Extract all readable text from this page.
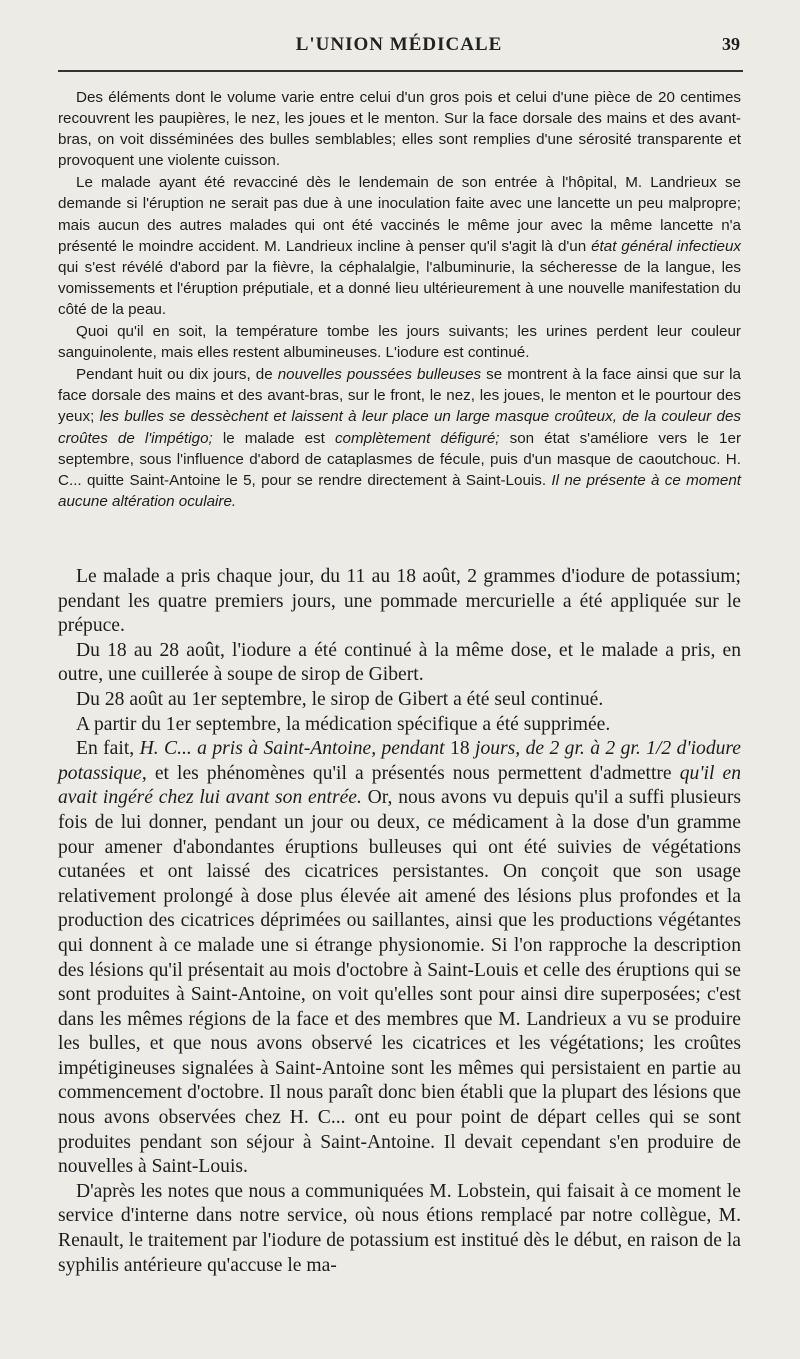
L'UNION MÉDICALE	39

Des éléments dont le volume varie entre celui d'un gros pois et celui d'une pièce de 20 centimes recouvrent les paupières, le nez, les joues et le menton. Sur la face dorsale des mains et des avant-bras, on voit disséminées des bulles semblables; elles sont remplies d'une sérosité transparente et provoquent une violente cuisson.

Le malade ayant été revacciné dès le lendemain de son entrée à l'hôpital, M. Landrieux se demande si l'éruption ne serait pas due à une inoculation faite avec une lancette un peu malpropre; mais aucun des autres malades qui ont été vaccinés le même jour avec la même lancette n'a présenté le moindre accident. M. Landrieux incline à penser qu'il s'agit là d'un état général infectieux qui s'est révélé d'abord par la fièvre, la céphalalgie, l'albuminurie, la sécheresse de la langue, les vomissements et l'éruption préputiale, et a donné lieu ultérieurement à une nouvelle manifestation du côté de la peau.

Quoi qu'il en soit, la température tombe les jours suivants; les urines perdent leur couleur sanguinolente, mais elles restent albumineuses. L'iodure est continué.

Pendant huit ou dix jours, de nouvelles poussées bulleuses se montrent à la face ainsi que sur la face dorsale des mains et des avant-bras, sur le front, le nez, les joues, le menton et le pourtour des yeux; les bulles se dessèchent et laissent à leur place un large masque croûteux, de la couleur des croûtes de l'impétigo; le malade est complètement défiguré; son état s'améliore vers le 1er septembre, sous l'influence d'abord de cataplasmes de fécule, puis d'un masque de caoutchouc. H. C... quitte Saint-Antoine le 5, pour se rendre directement à Saint-Louis. Il ne présente à ce moment aucune altération oculaire.

Le malade a pris chaque jour, du 11 au 18 août, 2 grammes d'iodure de potassium; pendant les quatre premiers jours, une pommade mercurielle a été appliquée sur le prépuce.

Du 18 au 28 août, l'iodure a été continué à la même dose, et le malade a pris, en outre, une cuillerée à soupe de sirop de Gibert.

Du 28 août au 1er septembre, le sirop de Gibert a été seul continué.

A partir du 1er septembre, la médication spécifique a été supprimée.

En fait, H. C... a pris à Saint-Antoine, pendant 18 jours, de 2 gr. à 2 gr. 1/2 d'iodure potassique, et les phénomènes qu'il a présentés nous permettent d'admettre qu'il en avait ingéré chez lui avant son entrée. Or, nous avons vu depuis qu'il a suffi plusieurs fois de lui donner, pendant un jour ou deux, ce médicament à la dose d'un gramme pour amener d'abondantes éruptions bulleuses qui ont été suivies de végétations cutanées et ont laissé des cicatrices persistantes. On conçoit que son usage relativement prolongé à dose plus élevée ait amené des lésions plus profondes et la production des cicatrices déprimées ou saillantes, ainsi que les productions végétantes qui donnent à ce malade une si étrange physionomie. Si l'on rapproche la description des lésions qu'il présentait au mois d'octobre à Saint-Louis et celle des éruptions qui se sont produites à Saint-Antoine, on voit qu'elles sont pour ainsi dire superposées; c'est dans les mêmes régions de la face et des membres que M. Landrieux a vu se produire les bulles, et que nous avons observé les cicatrices et les végétations; les croûtes impétigineuses signalées à Saint-Antoine sont les mêmes qui persistaient en partie au commencement d'octobre. Il nous paraît donc bien établi que la plupart des lésions que nous avons observées chez H. C... ont eu pour point de départ celles qui se sont produites pendant son séjour à Saint-Antoine. Il devait cependant s'en produire de nouvelles à Saint-Louis.

D'après les notes que nous a communiquées M. Lobstein, qui faisait à ce moment le service d'interne dans notre service, où nous étions remplacé par notre collègue, M. Renault, le traitement par l'iodure de potassium est institué dès le début, en raison de la syphilis antérieure qu'accuse le ma-
